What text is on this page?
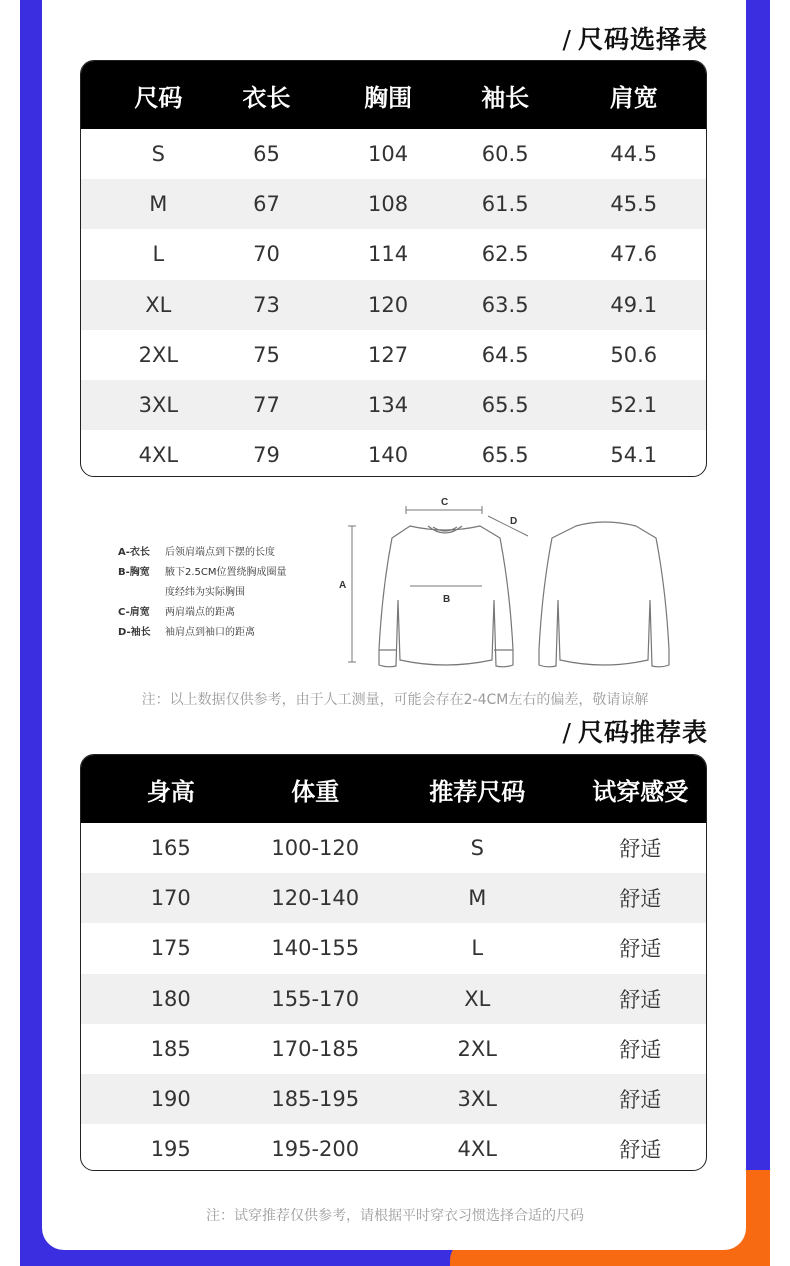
/ 尺码选择表
尺码	衣长	胸围	袖长	肩宽
S	65	104	60.5	44.5
M	67	108	61.5	45.5
L	70	114	62.5	47.6
XL	73	120	63.5	49.1
2XL	75	127	64.5	50.6
3XL	77	134	65.5	52.1
4XL	79	140	65.5	54.1
A-衣长	后领肩端点到下摆的长度
B-胸宽	腋下2.5CM位置绕胸成圈量
度经纬为实际胸围
C-肩宽	两肩端点的距离
D-袖长	袖肩点到袖口的距离
A
B
C
D
注：以上数据仅供参考，由于人工测量，可能会存在2-4CM左右的偏差，敬请谅解
/ 尺码推荐表
身高	体重	推荐尺码	试穿感受
165	100-120	S	舒适
170	120-140	M	舒适
175	140-155	L	舒适
180	155-170	XL	舒适
185	170-185	2XL	舒适
190	185-195	3XL	舒适
195	195-200	4XL	舒适
注：试穿推荐仅供参考，请根据平时穿衣习惯选择合适的尺码
